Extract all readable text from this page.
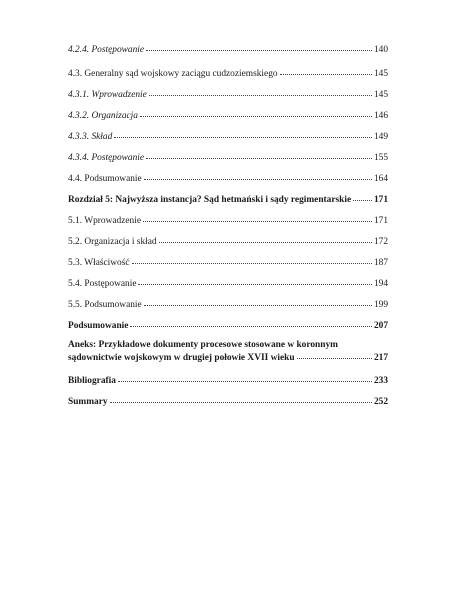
4.2.4. Postępowanie	140
4.3. Generalny sąd wojskowy zaciągu cudzoziemskiego	145
4.3.1. Wprowadzenie	145
4.3.2. Organizacja	146
4.3.3. Skład	149
4.3.4. Postępowanie	155
4.4. Podsumowanie	164
Rozdział 5: Najwyższa instancja? Sąd hetmański i sądy regimentarskie 171
5.1. Wprowadzenie	171
5.2. Organizacja i skład	172
5.3. Właściwość	187
5.4. Postępowanie	194
5.5. Podsumowanie	199
Podsumowanie	207
Aneks: Przykładowe dokumenty procesowe stosowane w koronnym
sądownictwie wojskowym w drugiej połowie XVII wieku	217
Bibliografia	233
Summary	252
